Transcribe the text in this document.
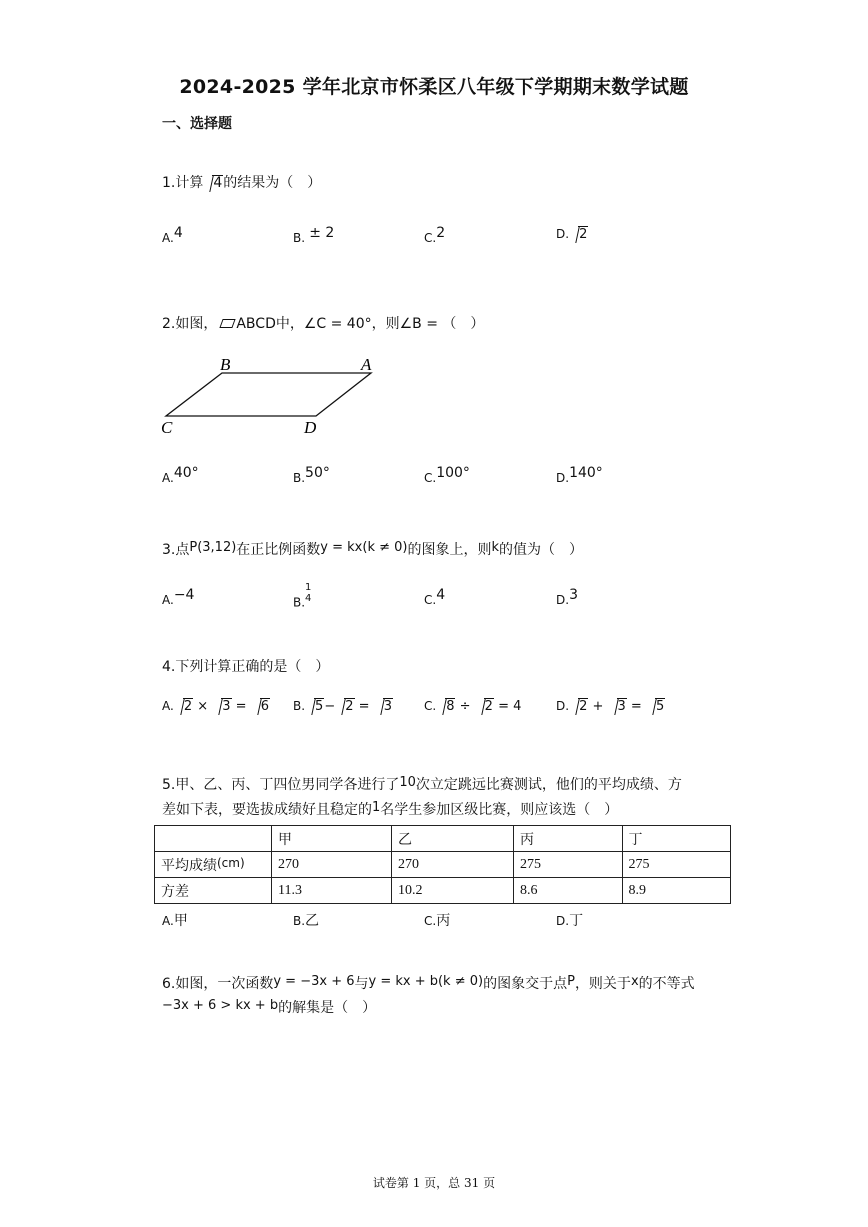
2024-2025 学年北京市怀柔区八年级下学期期末数学试题
一、选择题
1.计算 4的结果为（　）
A.4	B. ± 2	C.2	D. 2
2.如图， ABCD中，∠C = 40°，则∠B = （　）
B	A
C	D
A.40°	B.50°	C.100°	D.140°
3.点P(3,12)在正比例函数y = kx(k ≠ 0)的图象上，则k的值为（　）
A.−4	B.
1
4	C.4	D.3
4.下列计算正确的是（　）
A. 2 × 3 = 6 B. 5− 2 = 3	C. 8 ÷ 2 = 4	D. 2 + 3 = 5
5.甲、乙、丙、丁四位男同学各进行了10次立定跳远比赛测试，他们的平均成绩、方
差如下表，要选拔成绩好且稳定的1名学生参加区级比赛，则应该选（　）
	甲	乙	丙	丁
平均成绩(cm)	270	270	275	275
方差	11.3	10.2	8.6	8.9
A.甲	B.乙	C.丙	D.丁
6.如图，一次函数y = −3x + 6与y = kx + b(k ≠ 0)的图象交于点P，则关于x的不等式
−3x + 6 > kx + b的解集是（　）
试卷第 1 页，总 31 页
